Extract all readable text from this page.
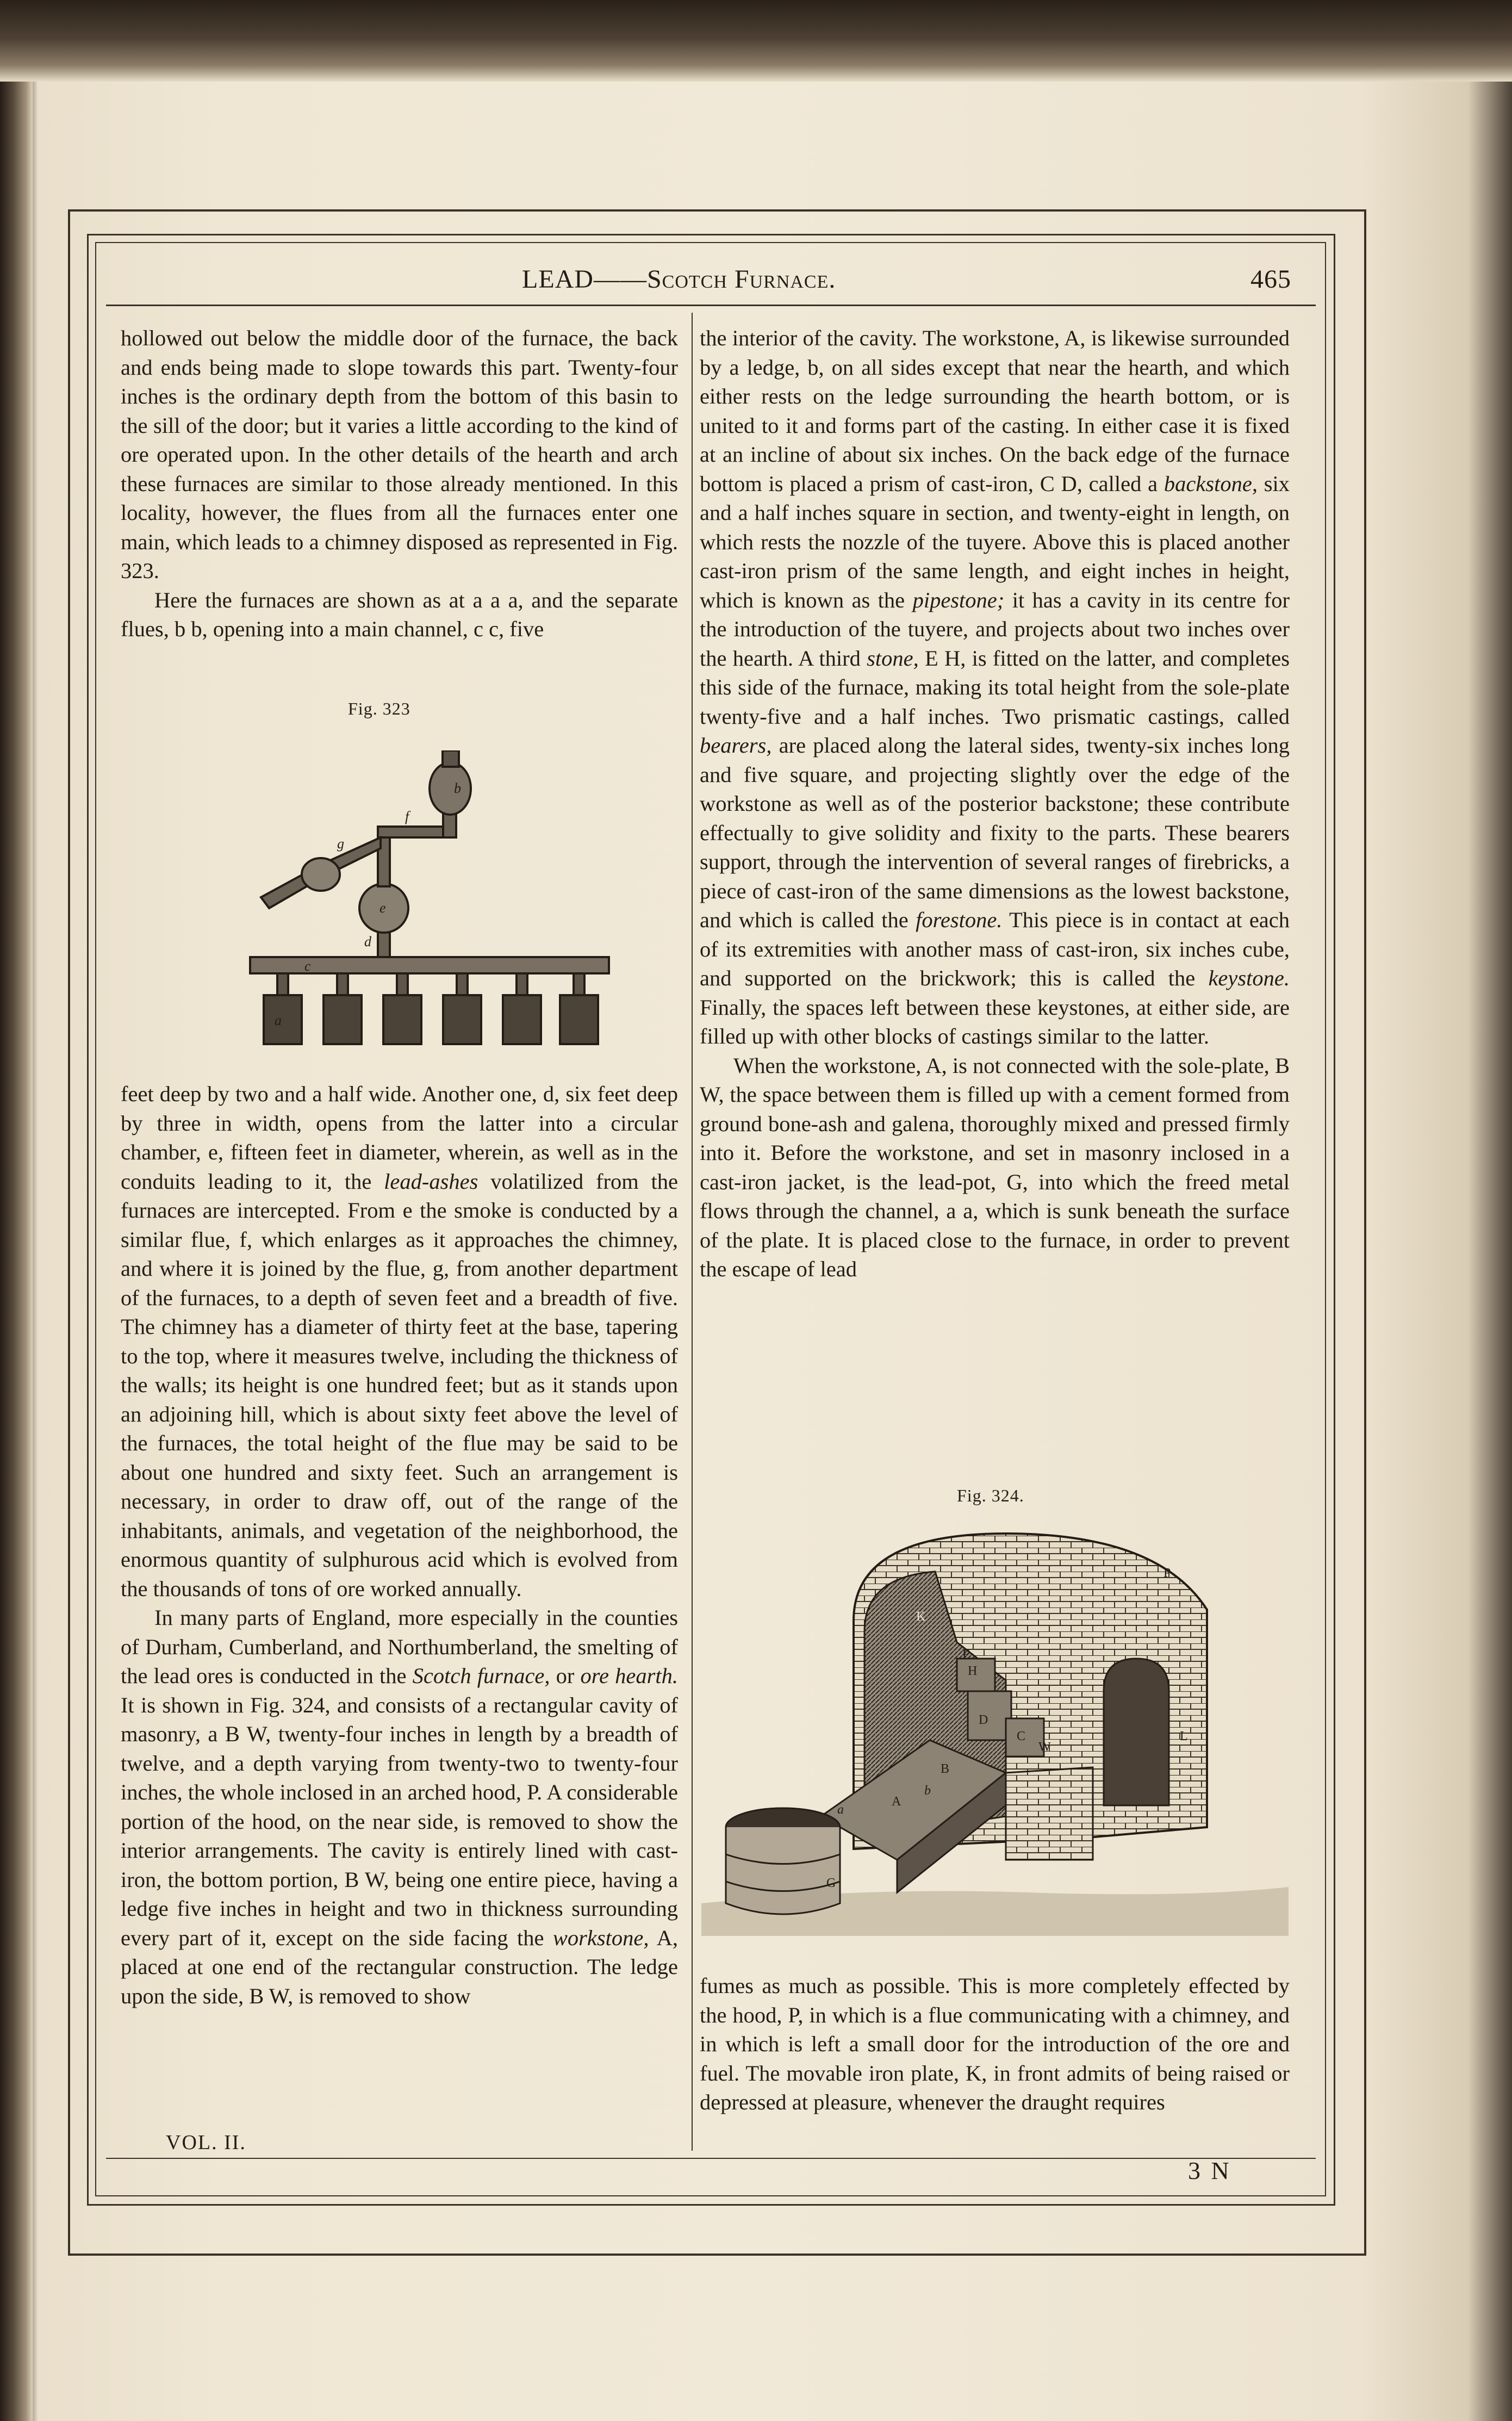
LEAD——Scotch Furnace.	465

hollowed out below the middle door of the furnace, the back and ends being made to slope towards this part. Twenty-four inches is the ordinary depth from the bottom of this basin to the sill of the door; but it varies a little according to the kind of ore operated upon. In the other details of the hearth and arch these furnaces are similar to those already mentioned. In this locality, however, the flues from all the furnaces enter one main, which leads to a chimney disposed as represented in Fig. 323.

Here the furnaces are shown as at a a a, and the separate flues, b b, opening into a main channel, c c, five

Fig. 323
b
g
f
e
d
c
a

feet deep by two and a half wide. Another one, d, six feet deep by three in width, opens from the latter into a circular chamber, e, fifteen feet in diameter, wherein, as well as in the conduits leading to it, the lead-ashes volatilized from the furnaces are intercepted. From e the smoke is conducted by a similar flue, f, which enlarges as it approaches the chimney, and where it is joined by the flue, g, from another department of the furnaces, to a depth of seven feet and a breadth of five. The chimney has a diameter of thirty feet at the base, tapering to the top, where it measures twelve, including the thickness of the walls; its height is one hundred feet; but as it stands upon an adjoining hill, which is about sixty feet above the level of the furnaces, the total height of the flue may be said to be about one hundred and sixty feet. Such an arrangement is necessary, in order to draw off, out of the range of the inhabitants, animals, and vegetation of the neighborhood, the enormous quantity of sulphurous acid which is evolved from the thousands of tons of ore worked annually.

In many parts of England, more especially in the counties of Durham, Cumberland, and Northumberland, the smelting of the lead ores is conducted in the Scotch furnace, or ore hearth. It is shown in Fig. 324, and consists of a rectangular cavity of masonry, a B W, twenty-four inches in length by a breadth of twelve, and a depth varying from twenty-two to twenty-four inches, the whole inclosed in an arched hood, P. A considerable portion of the hood, on the near side, is removed to show the interior arrangements. The cavity is entirely lined with cast-iron, the bottom portion, B W, being one entire piece, having a ledge five inches in height and two in thickness surrounding every part of it, except on the side facing the workstone, A, placed at one end of the rectangular construction. The ledge upon the side, B W, is removed to show

the interior of the cavity. The workstone, A, is likewise surrounded by a ledge, b, on all sides except that near the hearth, and which either rests on the ledge surrounding the hearth bottom, or is united to it and forms part of the casting. In either case it is fixed at an incline of about six inches. On the back edge of the furnace bottom is placed a prism of cast-iron, C D, called a backstone, six and a half inches square in section, and twenty-eight in length, on which rests the nozzle of the tuyere. Above this is placed another cast-iron prism of the same length, and eight inches in height, which is known as the pipestone; it has a cavity in its centre for the introduction of the tuyere, and projects about two inches over the hearth. A third stone, E H, is fitted on the latter, and completes this side of the furnace, making its total height from the sole-plate twenty-five and a half inches. Two prismatic castings, called bearers, are placed along the lateral sides, twenty-six inches long and five square, and projecting slightly over the edge of the workstone as well as of the posterior backstone; these contribute effectually to give solidity and fixity to the parts. These bearers support, through the intervention of several ranges of firebricks, a piece of cast-iron of the same dimensions as the lowest backstone, and which is called the forestone. This piece is in contact at each of its extremities with another mass of cast-iron, six inches cube, and supported on the brickwork; this is called the keystone. Finally, the spaces left between these keystones, at either side, are filled up with other blocks of castings similar to the latter.

When the workstone, A, is not connected with the sole-plate, B W, the space between them is filled up with a cement formed from ground bone-ash and galena, thoroughly mixed and pressed firmly into it. Before the workstone, and set in masonry inclosed in a cast-iron jacket, is the lead-pot, G, into which the freed metal flows through the channel, a a, which is sunk beneath the surface of the plate. It is placed close to the furnace, in order to prevent the escape of lead

Fig. 324.
P
K
H
E
D
C	L
B
W
A
b
a
G

fumes as much as possible. This is more completely effected by the hood, P, in which is a flue communicating with a chimney, and in which is left a small door for the introduction of the ore and fuel. The movable iron plate, K, in front admits of being raised or depressed at pleasure, whenever the draught requires

VOL. II.
3 N
